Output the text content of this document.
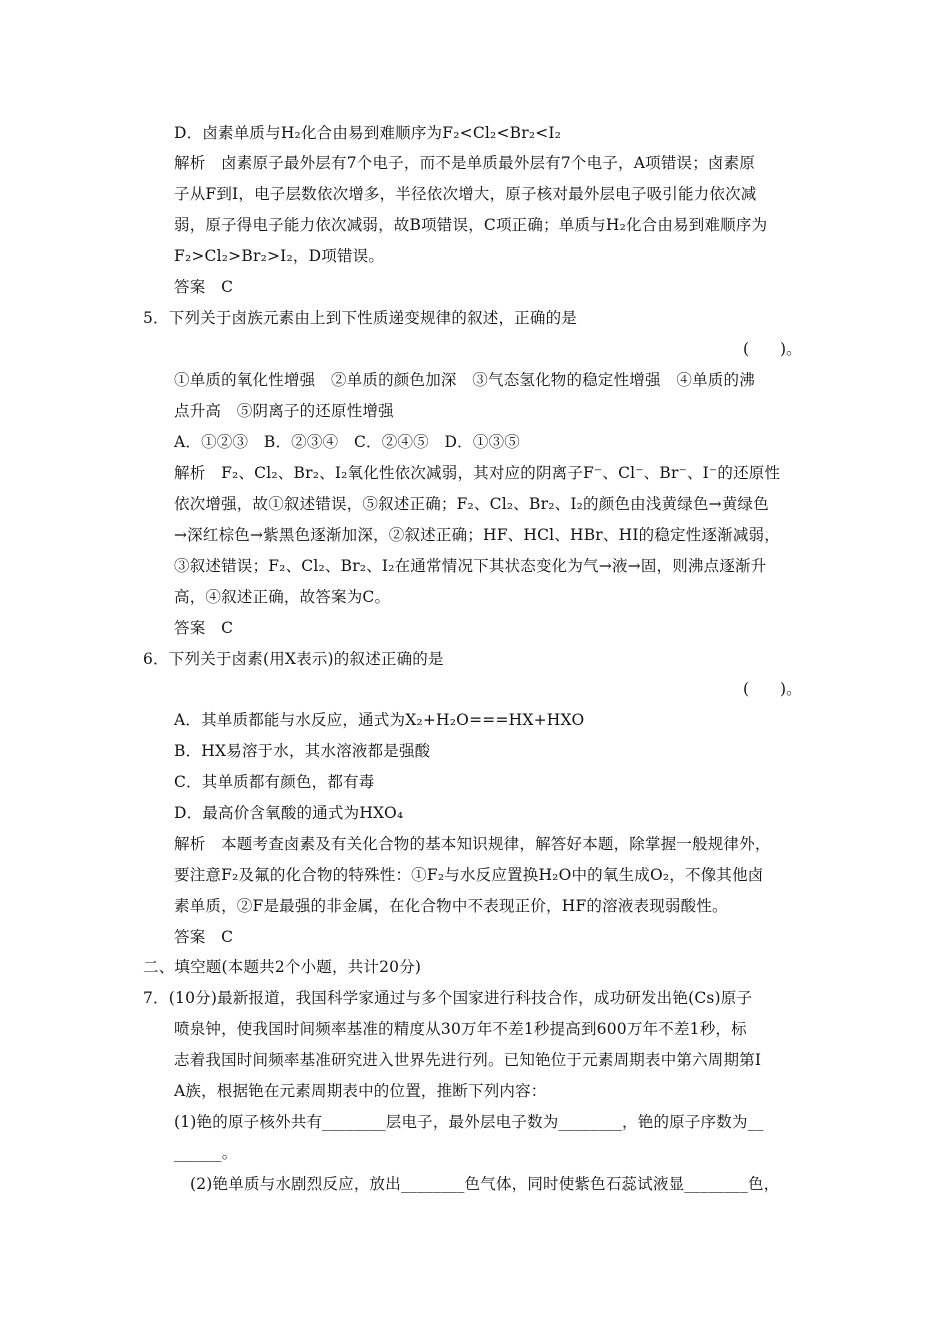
D．卤素单质与H₂化合由易到难顺序为F₂<Cl₂<Br₂<I₂
解析　卤素原子最外层有7个电子，而不是单质最外层有7个电子，A项错误；卤素原
子从F到I，电子层数依次增多，半径依次增大，原子核对最外层电子吸引能力依次减
弱，原子得电子能力依次减弱，故B项错误，C项正确；单质与H₂化合由易到难顺序为
F₂>Cl₂>Br₂>I₂，D项错误。
答案　C
5．下列关于卤族元素由上到下性质递变规律的叙述，正确的是
(　　)。
①单质的氧化性增强　②单质的颜色加深　③气态氢化物的稳定性增强　④单质的沸
点升高　⑤阴离子的还原性增强
A．①②③　B．②③④　C．②④⑤　D．①③⑤
解析　F₂、Cl₂、Br₂、I₂氧化性依次减弱，其对应的阴离子F⁻、Cl⁻、Br⁻、I⁻的还原性
依次增强，故①叙述错误，⑤叙述正确；F₂、Cl₂、Br₂、I₂的颜色由浅黄绿色→黄绿色
→深红棕色→紫黑色逐渐加深，②叙述正确；HF、HCl、HBr、HI的稳定性逐渐减弱，
③叙述错误；F₂、Cl₂、Br₂、I₂在通常情况下其状态变化为气→液→固，则沸点逐渐升
高，④叙述正确，故答案为C。
答案　C
6．下列关于卤素(用X表示)的叙述正确的是
(　　)。
A．其单质都能与水反应，通式为X₂+H₂O===HX+HXO
B．HX易溶于水，其水溶液都是强酸
C．其单质都有颜色，都有毒
D．最高价含氧酸的通式为HXO₄
解析　本题考查卤素及有关化合物的基本知识规律，解答好本题，除掌握一般规律外，
要注意F₂及氟的化合物的特殊性：①F₂与水反应置换H₂O中的氧生成O₂，不像其他卤
素单质，②F是最强的非金属，在化合物中不表现正价，HF的溶液表现弱酸性。
答案　C
二、填空题(本题共2个小题，共计20分)
7．(10分)最新报道，我国科学家通过与多个国家进行科技合作，成功研发出铯(Cs)原子
喷泉钟，使我国时间频率基准的精度从30万年不差1秒提高到600万年不差1秒，标
志着我国时间频率基准研究进入世界先进行列。已知铯位于元素周期表中第六周期第Ⅰ
A族，根据铯在元素周期表中的位置，推断下列内容：
(1)铯的原子核外共有________层电子，最外层电子数为________，铯的原子序数为__
______。
(2)铯单质与水剧烈反应，放出________色气体，同时使紫色石蕊试液显________色，
